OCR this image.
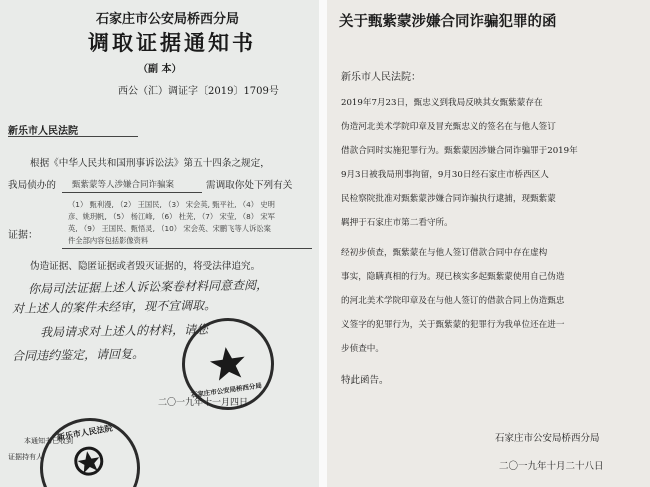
石家庄市公安局桥西分局
调取证据通知书
（副 本）
西公（汇）调证字〔2019〕1709号
新乐市人民法院
根据《中华人民共和国刑事诉讼法》第五十四条之规定，
我局侦办的 甄紫蒙等人涉嫌合同诈骗案	需调取你处下列有关
（1） 甄利漫, （2） 王国民, （3） 宋会英, 甄平社, （4） 史明
彦、姚玥帆, （5） 杨江峰, （6） 杜芜, （7） 宋莹, （8） 宋军
证据：
英, （9） 王国民、甄悟灵, （10） 宋会英、宋鹏飞等人诉讼案
件全部内容包括影像资料
伪造证据、隐匿证据或者毁灭证据的，将受法律追究。
你局司法证据上述人诉讼案卷材料同意查阅，
对上述人的案件未经审，现不宜调取。
我局请求对上述人的材料，请您
合同违约鉴定，请回复。
石家庄市公安局桥西分局
二〇一九年十一月四日
本通知书已收到
证据持有人
新乐市人民法院
关于甄紫蒙涉嫌合同诈骗犯罪的函
新乐市人民法院：
2019年7月23日，甄忠义到我局反映其女甄紫蒙存在
伪造河北美术学院印章及冒充甄忠义的签名在与他人签订
借款合同时实施犯罪行为。甄紫蒙因涉嫌合同诈骗罪于2019年
9月3日被我局刑事拘留，9月30日经石家庄市桥西区人
民检察院批准对甄紫蒙涉嫌合同诈骗执行逮捕，现甄紫蒙
羁押于石家庄市第二看守所。
经初步侦查，甄紫蒙在与他人签订借款合同中存在虚构
事实，隐瞒真相的行为。现已核实多起甄紫蒙使用自己伪造
的河北美术学院印章及在与他人签订的借款合同上伪造甄忠
义签字的犯罪行为，关于甄紫蒙的犯罪行为我单位还在进一
步侦查中。
特此函告。
石家庄市公安局桥西分局
二〇一九年十月二十八日
